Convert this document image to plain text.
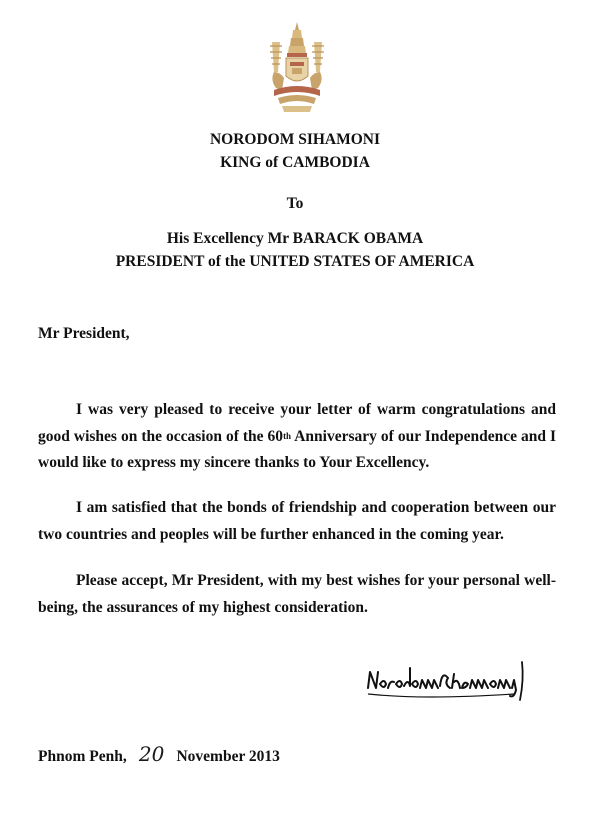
NORODOM SIHAMONI
KING of CAMBODIA
To
His Excellency Mr BARACK OBAMA
PRESIDENT of the UNITED STATES OF AMERICA
Mr President,
I was very pleased to receive your letter of warm congratulations and good wishes on the occasion of the 60th Anniversary of our Independence and I would like to express my sincere thanks to Your Excellency.
I am satisfied that the bonds of friendship and cooperation between our two countries and peoples will be further enhanced in the coming year.
Please accept, Mr President, with my best wishes for your personal well-being, the assurances of my highest consideration.
Phnom Penh, 20 November 2013
